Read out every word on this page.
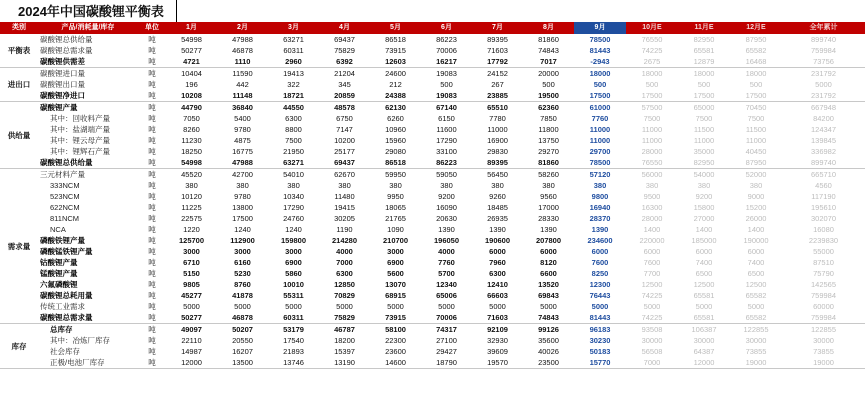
2024年中国碳酸锂平衡表
类别	产品/消耗量/库存	单位	1月	2月	3月	4月	5月	6月	7月	8月	9月	10月E	11月E	12月E	全年累计
平衡表	碳酸锂总供给量	吨	54998	47988	63271	69437	86518	86223	89395	81860	78500	76550	82950	87950	899740
	碳酸锂总需求量	吨	50277	46878	60311	75829	73915	70006	71603	74843	81443	74225	65581	65582	759984
	碳酸锂供需差	吨	4721	1110	2960	6392	12603	16217	17792	7017	-2943	2675	12879	16468	73756
进出口	碳酸锂进口量	吨	10404	11590	19413	21204	24600	19083	24152	20000	18000	18000	18000	18000	231792
	碳酸锂出口量	吨	196	442	322	345	212	500	267	500	500	500	500	500	5000
	碳酸锂净进口	吨	10208	11148	18721	20859	24388	19083	23885	19500	17500	17500	17500	17500	231792
供给量	碳酸锂产量	吨	44790	36840	44550	48578	62130	67140	65510	62360	61000	57500	65000	70450	667948
	其中：回收料产量	吨	7050	5400	6300	6750	6260	6150	7780	7850	7760	7500	7500	7500	84200
	其中：盐湖端产量	吨	8260	9780	8800	7147	10960	11600	11000	11800	11000	11000	11500	11500	124347
	其中：锂云母产量	吨	11230	4875	7500	10200	15960	17290	16900	13750	11000	11000	11000	11000	139845
	其中：锂辉石产量	吨	18250	16775	21950	25177	29080	33100	29830	29270	29700	28000	35000	40450	336982
	碳酸锂总供给量	吨	54998	47988	63271	69437	86518	86223	89395	81860	78500	76550	82950	87950	899740
需求量	三元材料产量	吨	45520	42700	54010	62670	59950	59050	56450	58260	57120	56000	54000	52000	665710
	333NCM	吨	380	380	380	380	380	380	380	380	380	380	380	380	4560
	523NCM	吨	10120	9780	10340	11480	9950	9200	9260	9560	9800	9500	9200	9000	117190
	622NCM	吨	11225	13800	17290	19415	18065	16090	18485	17000	16940	16300	15800	15200	195610
	811NCM	吨	22575	17500	24760	30205	21765	20630	26935	28330	28370	28000	27000	26000	302070
	NCA	吨	1220	1240	1240	1190	1090	1390	1390	1390	1390	1400	1400	1400	16080
	磷酸铁锂产量	吨	125700	112900	159800	214280	210700	196050	190600	207800	234600	220000	185000	190000	2239830
	磷酸锰铁锂产量	吨	3000	3000	3000	4000	3000	4000	6000	6000	6000	6000	6000	6000	55000
	钴酸锂产量	吨	6710	6160	6900	7000	6900	7760	7960	8120	7600	7600	7400	7400	87510
	锰酸锂产量	吨	5150	5230	5860	6300	5600	5700	6300	6600	8250	7700	6500	6500	75790
	六氟磷酸锂	吨	9805	8760	10010	12850	13070	12340	12410	13520	12300	12500	12500	12500	142565
	碳酸锂总耗用量	吨	45277	41878	55311	70829	68915	65006	66603	69843	76443	74225	65581	65582	759984
	传统工业需求	吨	5000	5000	5000	5000	5000	5000	5000	5000	5000	5000	5000	5000	60000
	碳酸锂总需求量	吨	50277	46878	60311	75829	73915	70006	71603	74843	81443	74225	65581	65582	759984
库存	总库存	吨	49097	50207	53179	46787	58100	74317	92109	99126	96183	93508	106387	122855	122855
	其中：冶炼厂库存	吨	22110	20550	17540	18200	22300	27100	32930	35600	30230	30000	30000	30000	30000
	社会库存	吨	14987	16207	21893	15397	23600	29427	39609	40026	50183	56508	64387	73855	73855
	正极/电池厂库存	吨	12000	13500	13746	13190	14600	18790	19570	23500	15770	7000	12000	19000	19000
